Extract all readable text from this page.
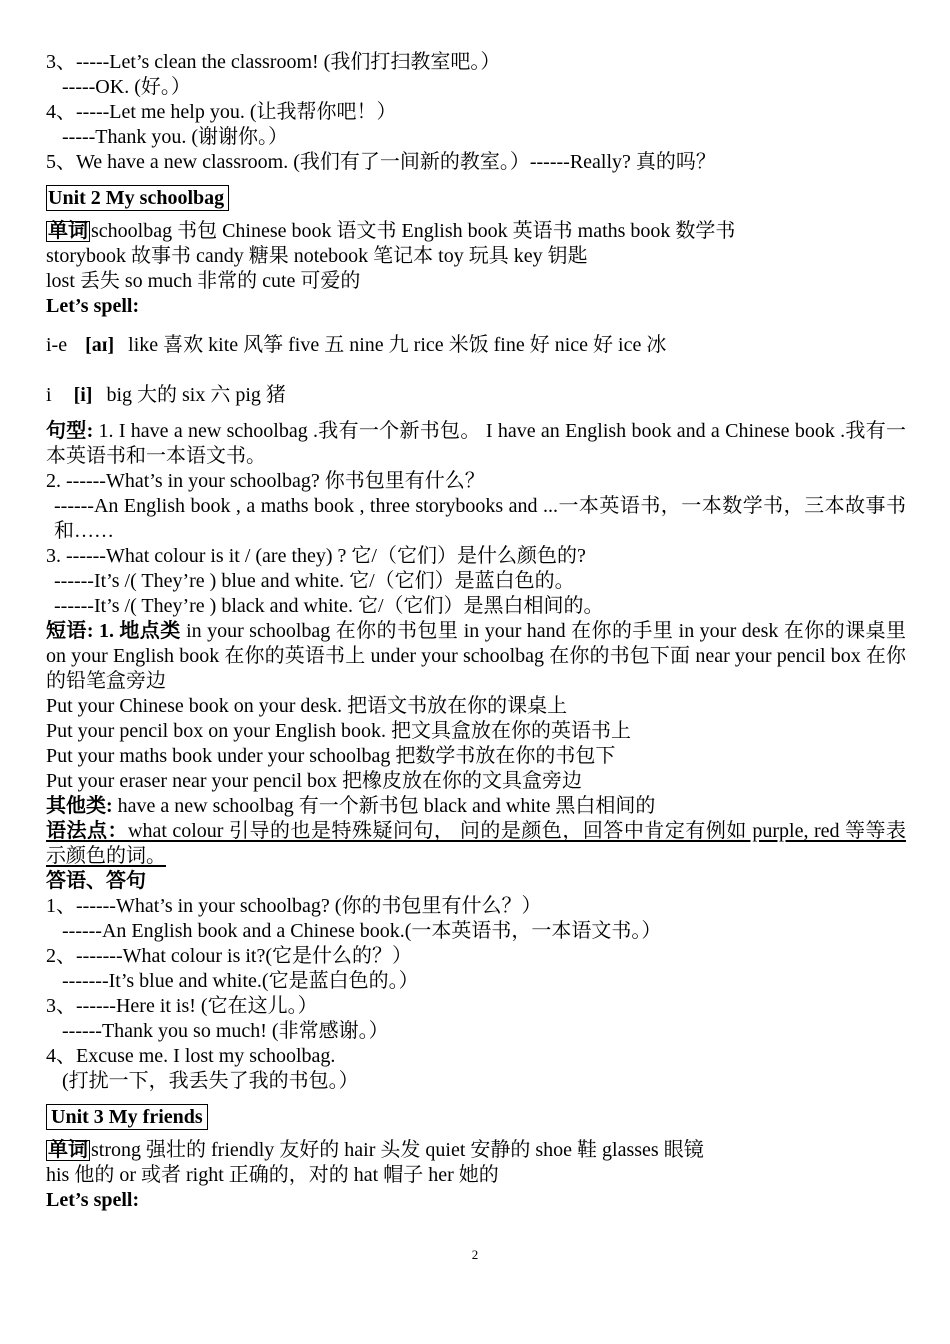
3、-----Let’s clean the classroom! (我们打扫教室吧。）
-----OK. (好。）
4、-----Let me help you. (让我帮你吧！）
-----Thank you. (谢谢你。）
5、We have a new classroom. (我们有了一间新的教室。）------Really? 真的吗？
Unit 2 My schoolbag
单词 schoolbag 书包 Chinese book 语文书 English book 英语书 maths book 数学书
storybook 故事书 candy 糖果 notebook 笔记本 toy 玩具 key 钥匙
lost 丢失 so much 非常的 cute 可爱的
Let’s spell:
i-e [aɪ] like 喜欢 kite 风筝 five 五 nine 九 rice 米饭 fine 好 nice 好 ice 冰
i [i] big 大的 six 六 pig 猪
句型: 1. I have a new schoolbag .我有一个新书包。 I have an English book and a Chinese book .我有一本英语书和一本语文书。
2. ------What’s in your schoolbag? 你书包里有什么？
------An English book , a maths book , three storybooks and ...一本英语书，一本数学书，三本故事书和……
3. ------What colour is it / (are they) ? 它/（它们）是什么颜色的?
------It’s /( They’re ) blue and white. 它/（它们）是蓝白色的。
------It’s /( They’re ) black and white. 它/（它们）是黑白相间的。
短语: 1. 地点类 in your schoolbag 在你的书包里 in your hand 在你的手里 in your desk 在你的课桌里 on your English book 在你的英语书上 under your schoolbag 在你的书包下面 near your pencil box 在你的铅笔盒旁边
Put your Chinese book on your desk. 把语文书放在你的课桌上
Put your pencil box on your English book. 把文具盒放在你的英语书上
Put your maths book under your schoolbag 把数学书放在你的书包下
Put your eraser near your pencil box 把橡皮放在你的文具盒旁边
其他类: have a new schoolbag 有一个新书包 black and white 黑白相间的
语法点：what colour 引导的也是特殊疑问句， 问的是颜色，回答中肯定有例如 purple, red 等等表示颜色的词。
答语、答句
1、------What’s in your schoolbag? (你的书包里有什么？）
------An English book and a Chinese book.(一本英语书，一本语文书。）
2、-------What colour is it?(它是什么的？）
-------It’s blue and white.(它是蓝白色的。）
3、------Here it is! (它在这儿。）
------Thank you so much! (非常感谢。）
4、Excuse me. I lost my schoolbag.
(打扰一下，我丢失了我的书包。）
Unit 3 My friends
单词 strong 强壮的 friendly 友好的 hair 头发 quiet 安静的 shoe 鞋 glasses 眼镜
his 他的 or 或者 right 正确的，对的 hat 帽子 her 她的
Let’s spell:
2
